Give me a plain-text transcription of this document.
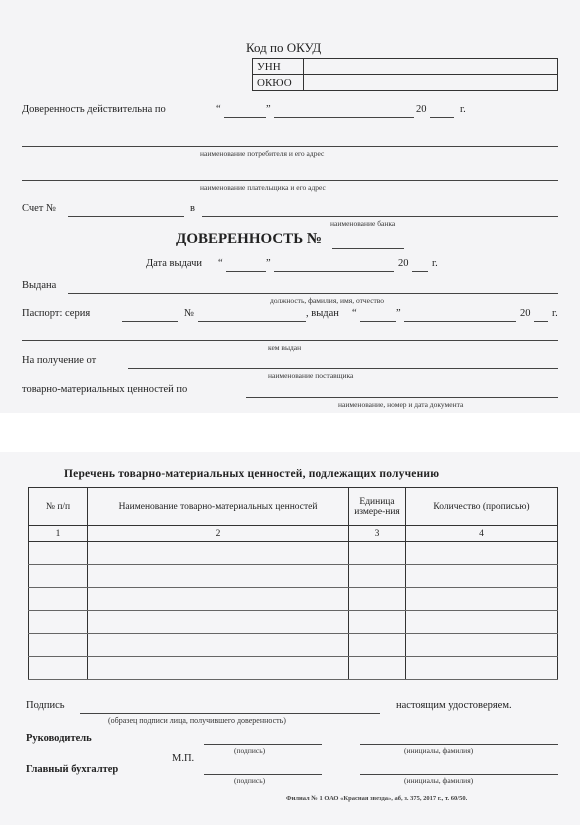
Код по ОКУД
УНН	
ОКЮО	
Доверенность действительна по	“	”	20	г.
наименование потребителя и его адрес
наименование плательщика и его адрес
Счет №	в
наименование банка
ДОВЕРЕННОСТЬ №
Дата выдачи “	”	20 г.
Выдана
должность, фамилия, имя, отчество
Паспорт: серия	№	, выдан “	”	20 г.
кем выдан
На получение от
наименование поставщика
товарно-материальных ценностей по
наименование, номер и дата документа
Перечень товарно-материальных ценностей, подлежащих получению
№ п/п	Наименование товарно-материальных ценностей	Единица измере-ния	Количество (прописью)
1	2	3	4

Подпись
(образец подписи лица, получившего доверенность)
настоящим удостоверяем.
Руководитель
(подпись)	(инициалы, фамилия)
М.П.
Главный бухгалтер
(подпись)	(инициалы, фамилия)
Филиал № 1 ОАО «Красная звезда», аб, з. 375, 2017 г., т. 60/50.
